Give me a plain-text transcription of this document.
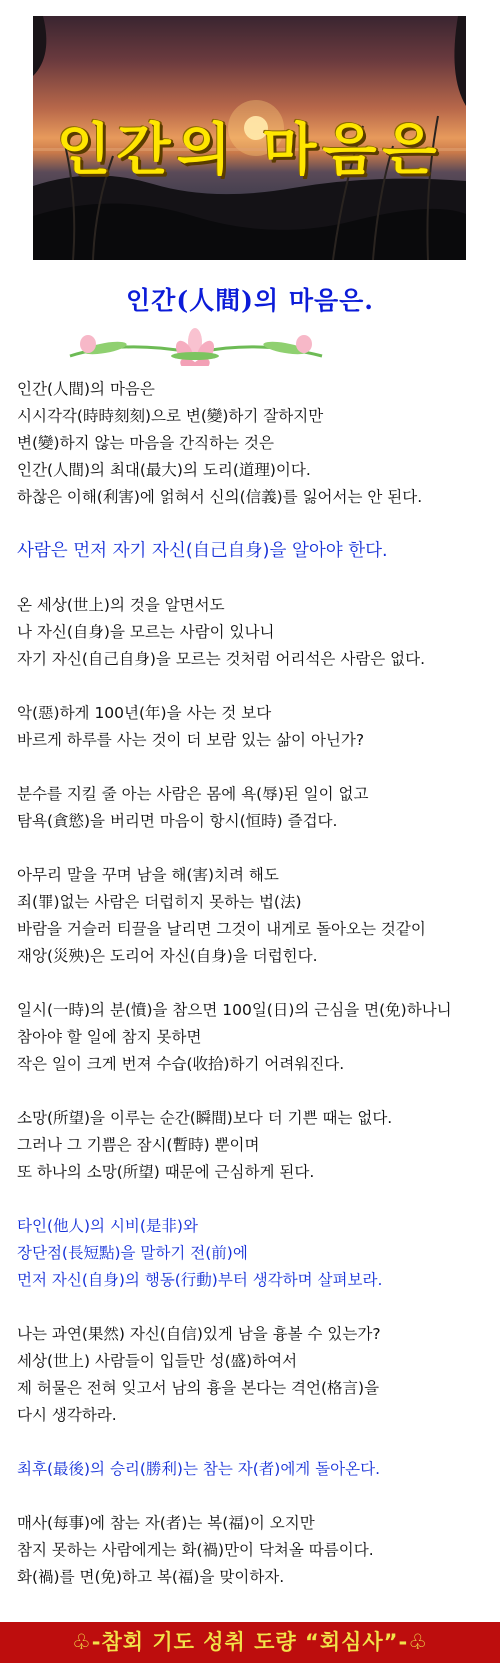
인간의 마음은
인간(人間)의 마음은.
인간(人間)의 마음은
시시각각(時時刻刻)으로 변(變)하기 잘하지만
변(變)하지 않는 마음을 간직하는 것은
인간(人間)의 최대(最大)의 도리(道理)이다.
하찮은 이해(利害)에 얽혀서 신의(信義)를 잃어서는 안 된다.
사람은 먼저 자기 자신(自己自身)을 알아야 한다.
온 세상(世上)의 것을 알면서도
나 자신(自身)을 모르는 사람이 있나니
자기 자신(自己自身)을 모르는 것처럼 어리석은 사람은 없다.
악(惡)하게 100년(年)을 사는 것 보다
바르게 하루를 사는 것이 더 보람 있는 삶이 아닌가?
분수를 지킬 줄 아는 사람은 몸에 욕(辱)된 일이 없고
탐욕(貪慾)을 버리면 마음이 항시(恒時) 즐겁다.
아무리 말을 꾸며 남을 해(害)치려 해도
죄(罪)없는 사람은 더럽히지 못하는 법(法)
바람을 거슬러 티끌을 날리면 그것이 내게로 돌아오는 것같이
재앙(災殃)은 도리어 자신(自身)을 더럽힌다.
일시(一時)의 분(憤)을 참으면 100일(日)의 근심을 면(免)하나니
참아야 할 일에 참지 못하면
작은 일이 크게 번져 수습(收拾)하기 어려워진다.
소망(所望)을 이루는 순간(瞬間)보다 더 기쁜 때는 없다.
그러나 그 기쁨은 잠시(暫時) 뿐이며
또 하나의 소망(所望) 때문에 근심하게 된다.
타인(他人)의 시비(是非)와
장단점(長短點)을 말하기 전(前)에
먼저 자신(自身)의 행동(行動)부터 생각하며 살펴보라.
나는 과연(果然) 자신(自信)있게 남을 흉볼 수 있는가?
세상(世上) 사람들이 입들만 성(盛)하여서
제 허물은 전혀 잊고서 남의 흉을 본다는 격언(格言)을
다시 생각하라.
최후(最後)의 승리(勝利)는 참는 자(者)에게 돌아온다.
매사(每事)에 참는 자(者)는 복(福)이 오지만
참지 못하는 사람에게는 화(禍)만이 닥쳐올 따름이다.
화(禍)를 면(免)하고 복(福)을 맞이하자.
♧-참회 기도 성취 도량 “회심사”-♧
